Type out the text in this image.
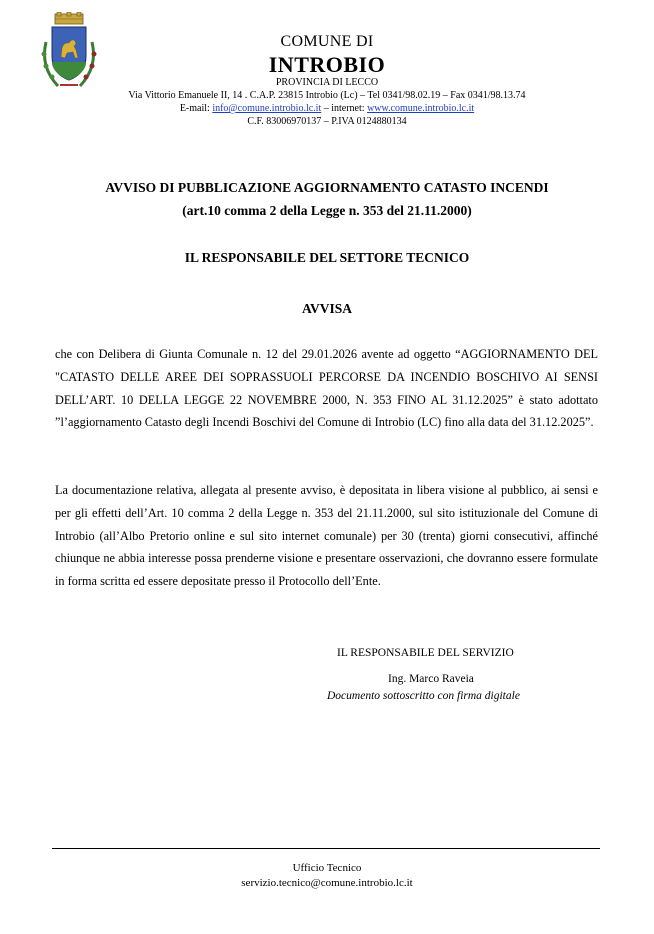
COMUNE DI
INTROBIO
PROVINCIA DI LECCO
Via Vittorio Emanuele II, 14 . C.A.P. 23815 Introbio (Lc) – Tel 0341/98.02.19 – Fax 0341/98.13.74
E-mail: info@comune.introbio.lc.it – internet: www.comune.introbio.lc.it
C.F. 83006970137 – P.IVA 0124880134
AVVISO DI PUBBLICAZIONE AGGIORNAMENTO CATASTO INCENDI
(art.10 comma 2 della Legge n. 353 del 21.11.2000)
IL RESPONSABILE DEL SETTORE TECNICO
AVVISA

che con Delibera di Giunta Comunale n. 12 del 29.01.2026 avente ad oggetto “AGGIORNAMENTO DEL "CATASTO DELLE AREE DEI SOPRASSUOLI PERCORSE DA INCENDIO BOSCHIVO AI SENSI DELL’ART. 10 DELLA LEGGE 22 NOVEMBRE 2000, N. 353 FINO AL 31.12.2025” è stato adottato ”l’aggiornamento Catasto degli Incendi Boschivi del Comune di Introbio (LC) fino alla data del 31.12.2025”.

La documentazione relativa, allegata al presente avviso, è depositata in libera visione al pubblico, ai sensi e per gli effetti dell’Art. 10 comma 2 della Legge n. 353 del 21.11.2000, sul sito istituzionale del Comune di Introbio (all’Albo Pretorio online e sul sito internet comunale) per 30 (trenta) giorni consecutivi, affinché chiunque ne abbia interesse possa prenderne visione e presentare osservazioni, che dovranno essere formulate in forma scritta ed essere depositate presso il Protocollo dell’Ente.

IL RESPONSABILE DEL SERVIZIO
Ing. Marco Raveia
Documento sottoscritto con firma digitale
Ufficio Tecnico
servizio.tecnico@comune.introbio.lc.it
